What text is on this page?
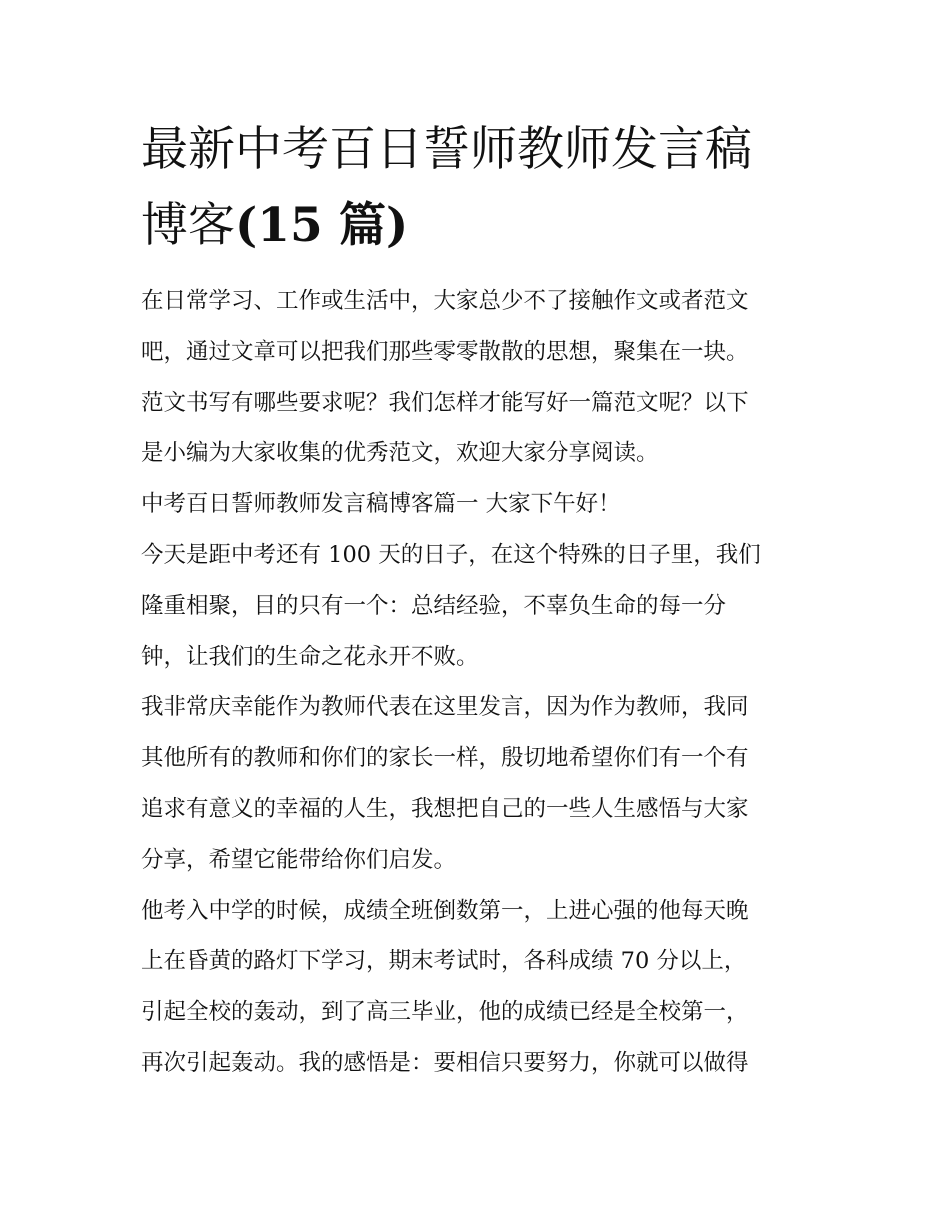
最新中考百日誓师教师发言稿
博客(15 篇)
在日常学习、工作或生活中，大家总少不了接触作文或者范文
吧，通过文章可以把我们那些零零散散的思想，聚集在一块。
范文书写有哪些要求呢？我们怎样才能写好一篇范文呢？以下
是小编为大家收集的优秀范文，欢迎大家分享阅读。
中考百日誓师教师发言稿博客篇一 大家下午好！
今天是距中考还有 100 天的日子，在这个特殊的日子里，我们
隆重相聚，目的只有一个：总结经验，不辜负生命的每一分
钟，让我们的生命之花永开不败。
我非常庆幸能作为教师代表在这里发言，因为作为教师，我同
其他所有的教师和你们的家长一样，殷切地希望你们有一个有
追求有意义的幸福的人生，我想把自己的一些人生感悟与大家
分享，希望它能带给你们启发。
他考入中学的时候，成绩全班倒数第一，上进心强的他每天晚
上在昏黄的路灯下学习，期末考试时，各科成绩 70 分以上，
引起全校的轰动，到了高三毕业，他的成绩已经是全校第一，
再次引起轰动。我的感悟是：要相信只要努力，你就可以做得
